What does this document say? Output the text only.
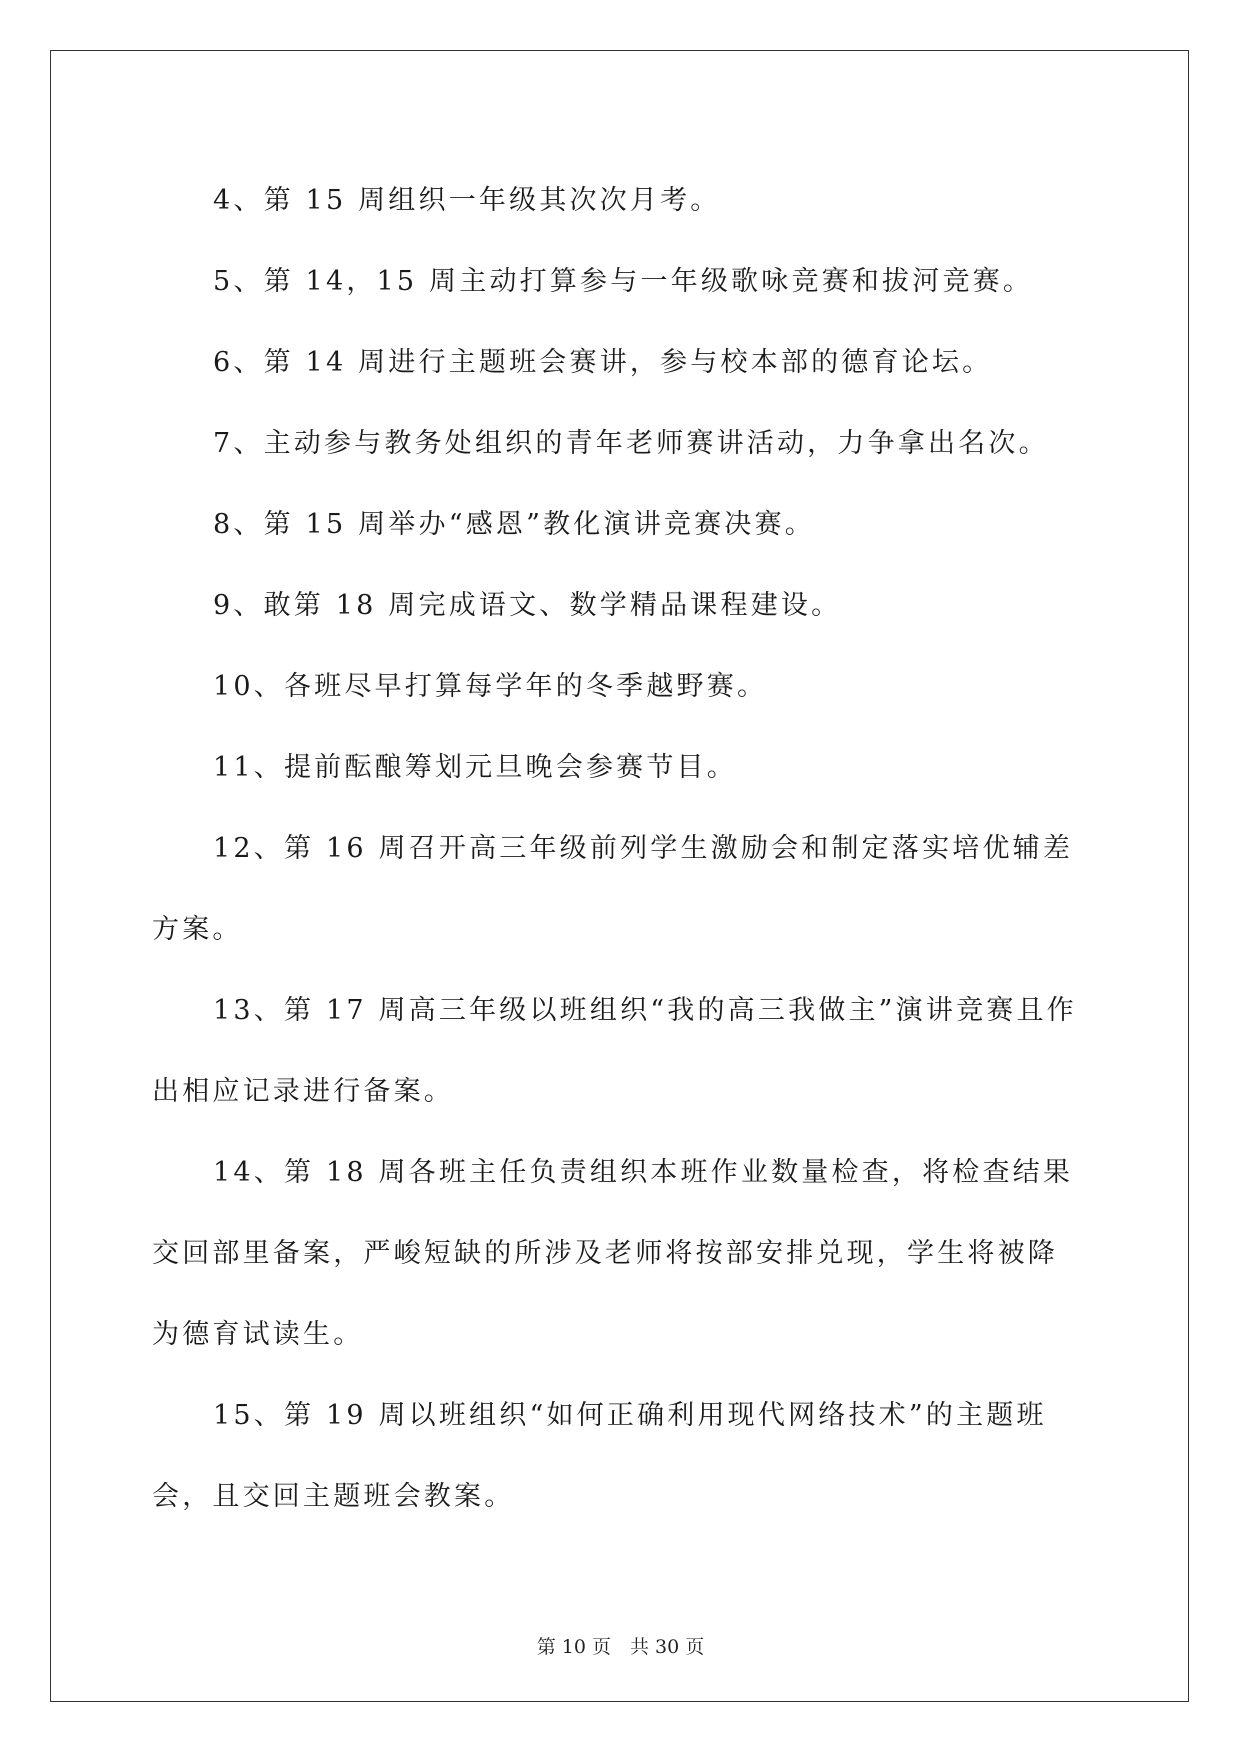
4、第 15 周组织一年级其次次月考。

5、第 14，15 周主动打算参与一年级歌咏竞赛和拔河竞赛。

6、第 14 周进行主题班会赛讲，参与校本部的德育论坛。

7、主动参与教务处组织的青年老师赛讲活动，力争拿出名次。

8、第 15 周举办“感恩”教化演讲竞赛决赛。

9、敢第 18 周完成语文、数学精品课程建设。

10、各班尽早打算每学年的冬季越野赛。

11、提前酝酿筹划元旦晚会参赛节目。

12、第 16 周召开高三年级前列学生激励会和制定落实培优辅差方案。

13、第 17 周高三年级以班组织“我的高三我做主”演讲竞赛且作出相应记录进行备案。

14、第 18 周各班主任负责组织本班作业数量检查，将检查结果交回部里备案，严峻短缺的所涉及老师将按部安排兑现，学生将被降为德育试读生。

15、第 19 周以班组织“如何正确利用现代网络技术”的主题班会，且交回主题班会教案。

第 10 页　共 30 页
